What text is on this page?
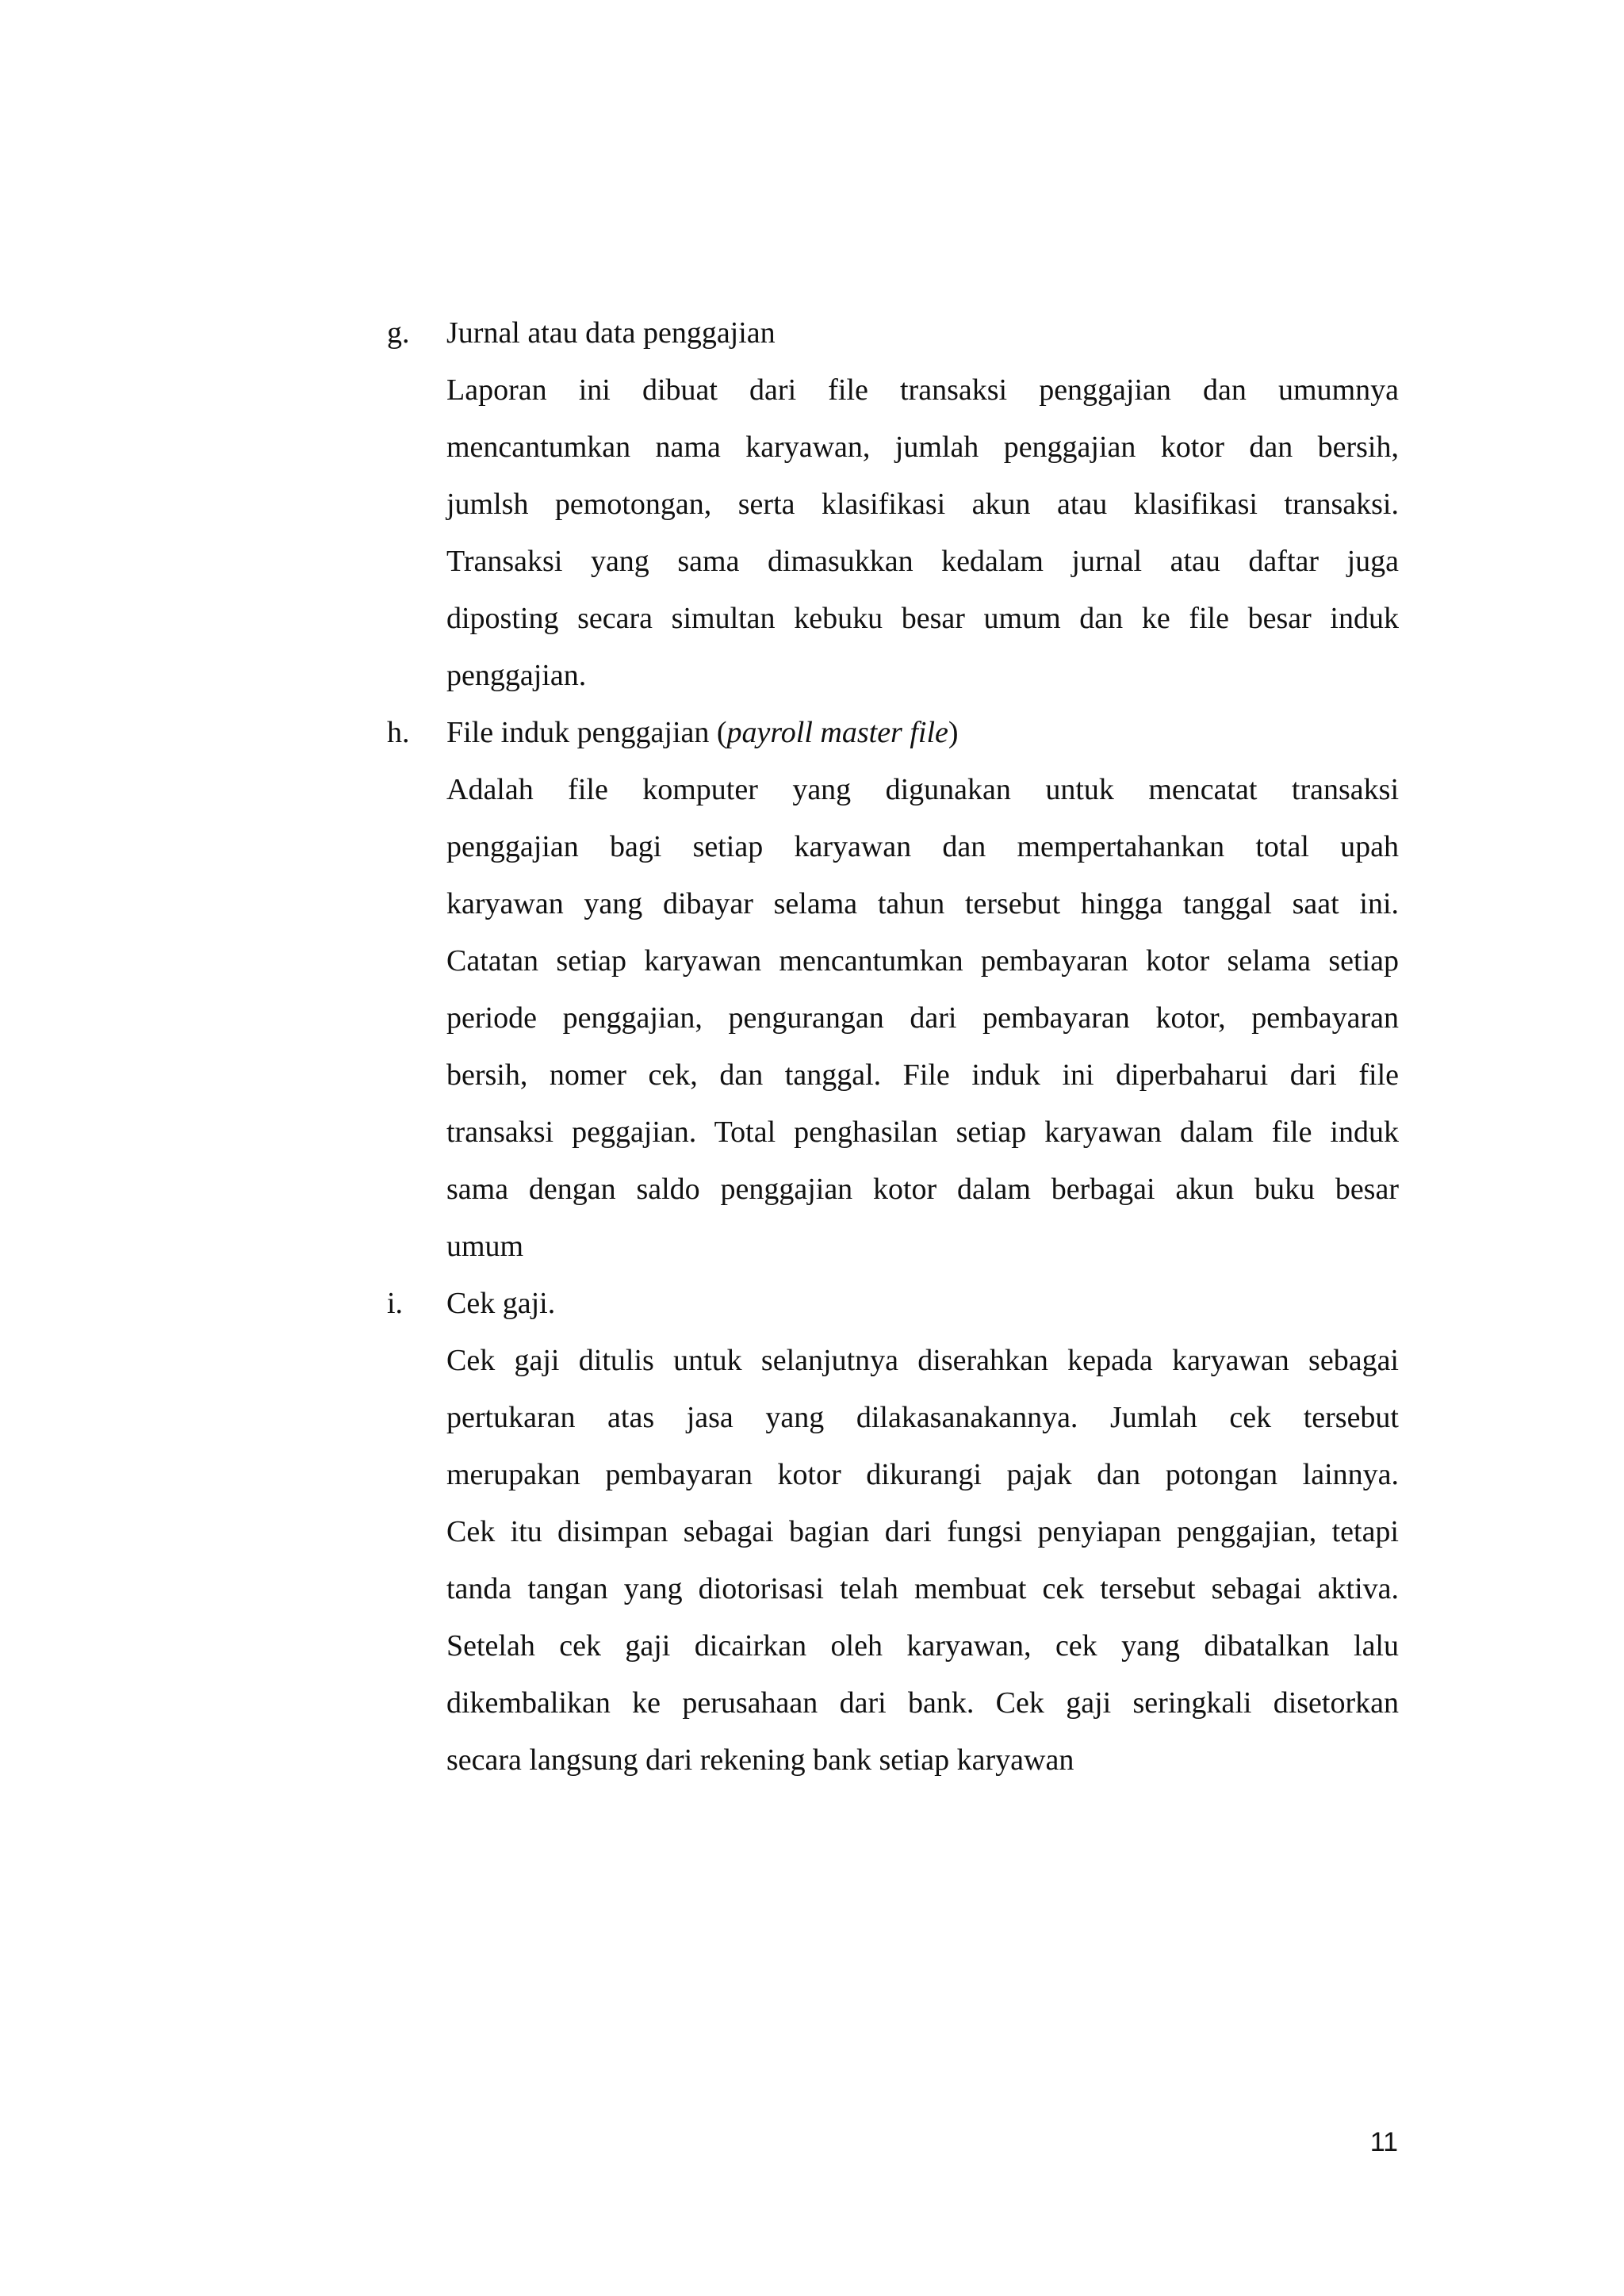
g. Jurnal atau data penggajian
Laporan ini dibuat dari file transaksi penggajian dan umumnya
mencantumkan nama karyawan, jumlah penggajian kotor dan bersih,
jumlsh pemotongan, serta klasifikasi akun atau klasifikasi transaksi.
Transaksi yang sama dimasukkan kedalam jurnal atau daftar juga
diposting secara simultan kebuku besar umum dan ke file besar induk
penggajian.
h. File induk penggajian (payroll master file)
Adalah file komputer yang digunakan untuk mencatat transaksi
penggajian bagi setiap karyawan dan mempertahankan total upah
karyawan yang dibayar selama tahun tersebut hingga tanggal saat ini.
Catatan setiap karyawan mencantumkan pembayaran kotor selama setiap
periode penggajian, pengurangan dari pembayaran kotor, pembayaran
bersih, nomer cek, dan tanggal. File induk ini diperbaharui dari file
transaksi peggajian. Total penghasilan setiap karyawan dalam file induk
sama dengan saldo penggajian kotor dalam berbagai akun buku besar
umum
i. Cek gaji.
Cek gaji ditulis untuk selanjutnya diserahkan kepada karyawan sebagai
pertukaran atas jasa yang dilakasanakannya. Jumlah cek tersebut
merupakan pembayaran kotor dikurangi pajak dan potongan lainnya.
Cek itu disimpan sebagai bagian dari fungsi penyiapan penggajian, tetapi
tanda tangan yang diotorisasi telah membuat cek tersebut sebagai aktiva.
Setelah cek gaji dicairkan oleh karyawan, cek yang dibatalkan lalu
dikembalikan ke perusahaan dari bank. Cek gaji seringkali disetorkan
secara langsung dari rekening bank setiap karyawan
11
